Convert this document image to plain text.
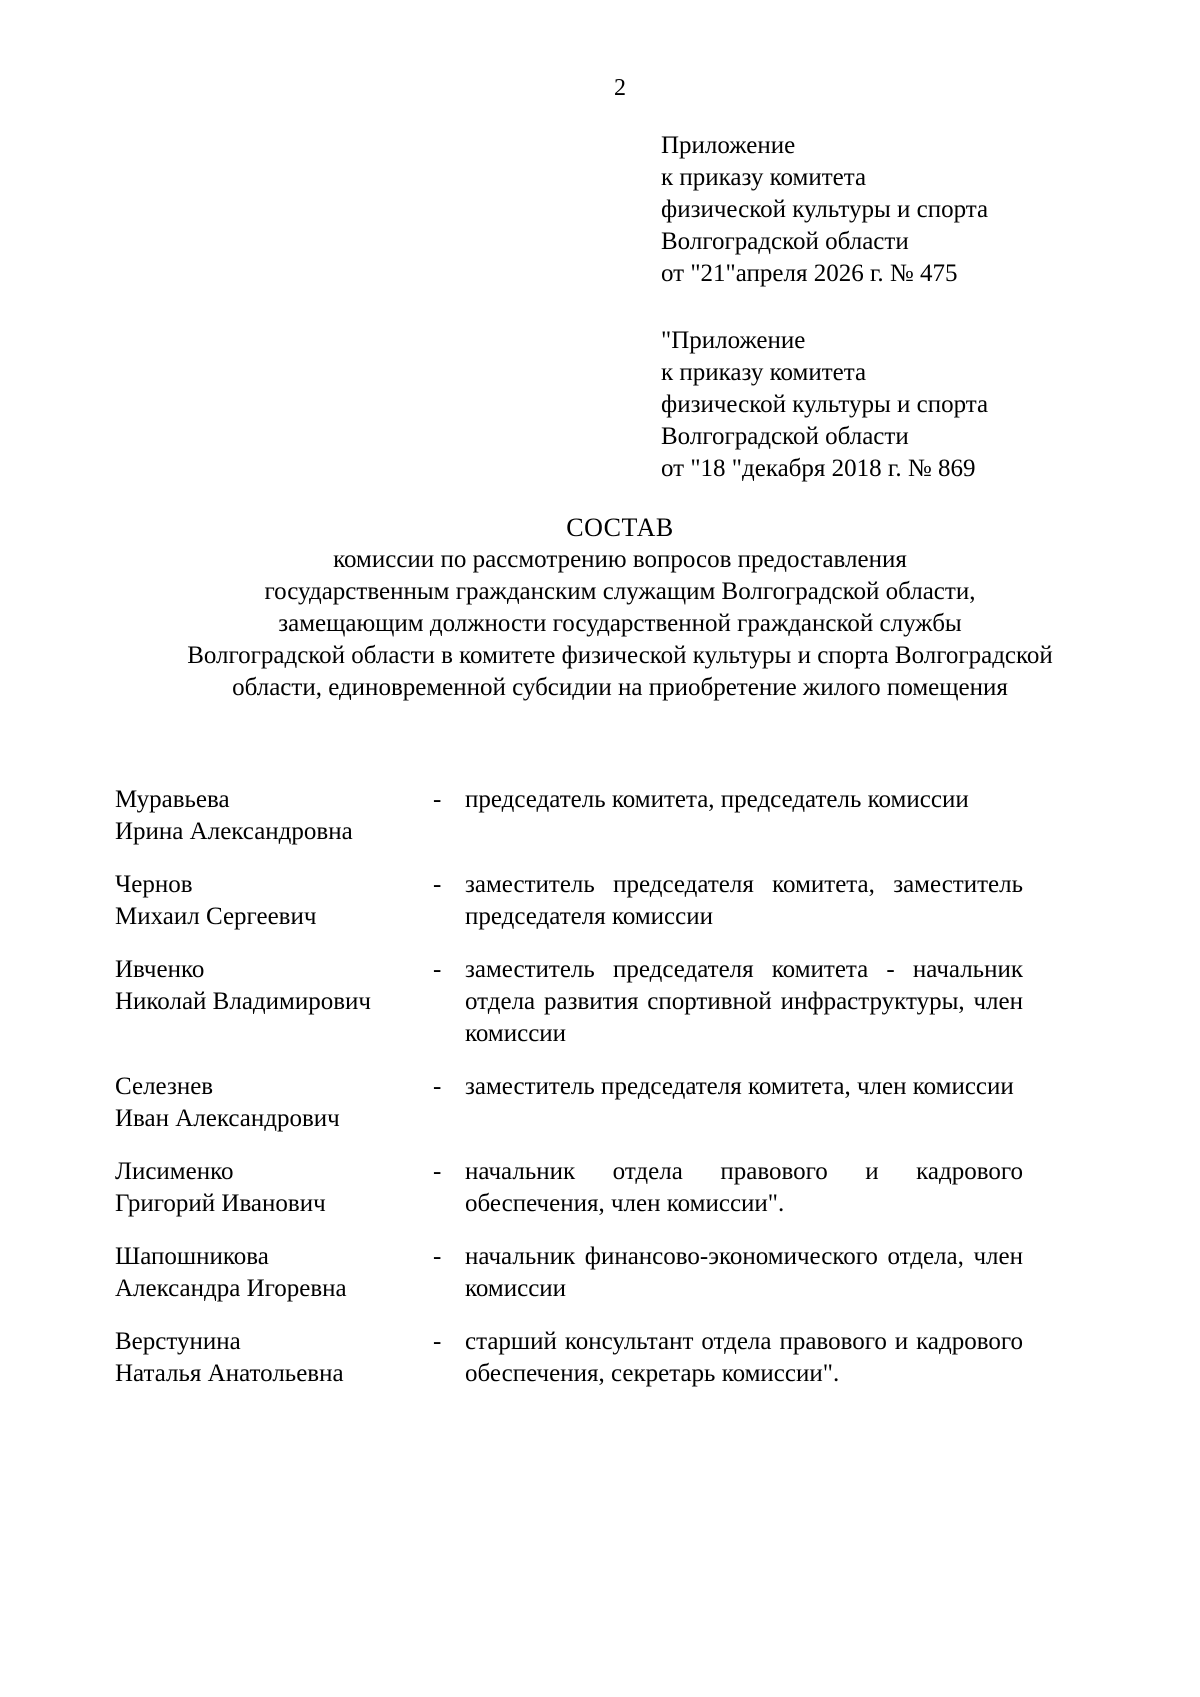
2
Приложение
к приказу комитета
физической культуры и спорта
Волгоградской области
от "21"апреля 2026 г. № 475
"Приложение
к приказу комитета
физической культуры и спорта
Волгоградской области
от "18 "декабря 2018 г. № 869
СОСТАВ
комиссии по рассмотрению вопросов предоставления
государственным гражданским служащим Волгоградской области,
замещающим должности государственной гражданской службы
Волгоградской области в комитете физической культуры и спорта Волгоградской
области, единовременной субсидии на приобретение жилого помещения
Муравьева
Ирина Александровна
- председатель комитета, председатель комиссии
Чернов
Михаил Сергеевич
- заместитель председателя комитета, заместитель председателя комиссии
Ивченко
Николай Владимирович
- заместитель председателя комитета - начальник отдела развития спортивной инфраструктуры, член комиссии
Селезнев
Иван Александрович
- заместитель председателя комитета, член комиссии
Лисименко
Григорий Иванович
- начальник отдела правового и кадрового обеспечения, член комиссии".
Шапошникова
Александра Игоревна
- начальник финансово-экономического отдела, член комиссии
Верстунина
Наталья Анатольевна
- старший консультант отдела правового и кадрового обеспечения, секретарь комиссии".
